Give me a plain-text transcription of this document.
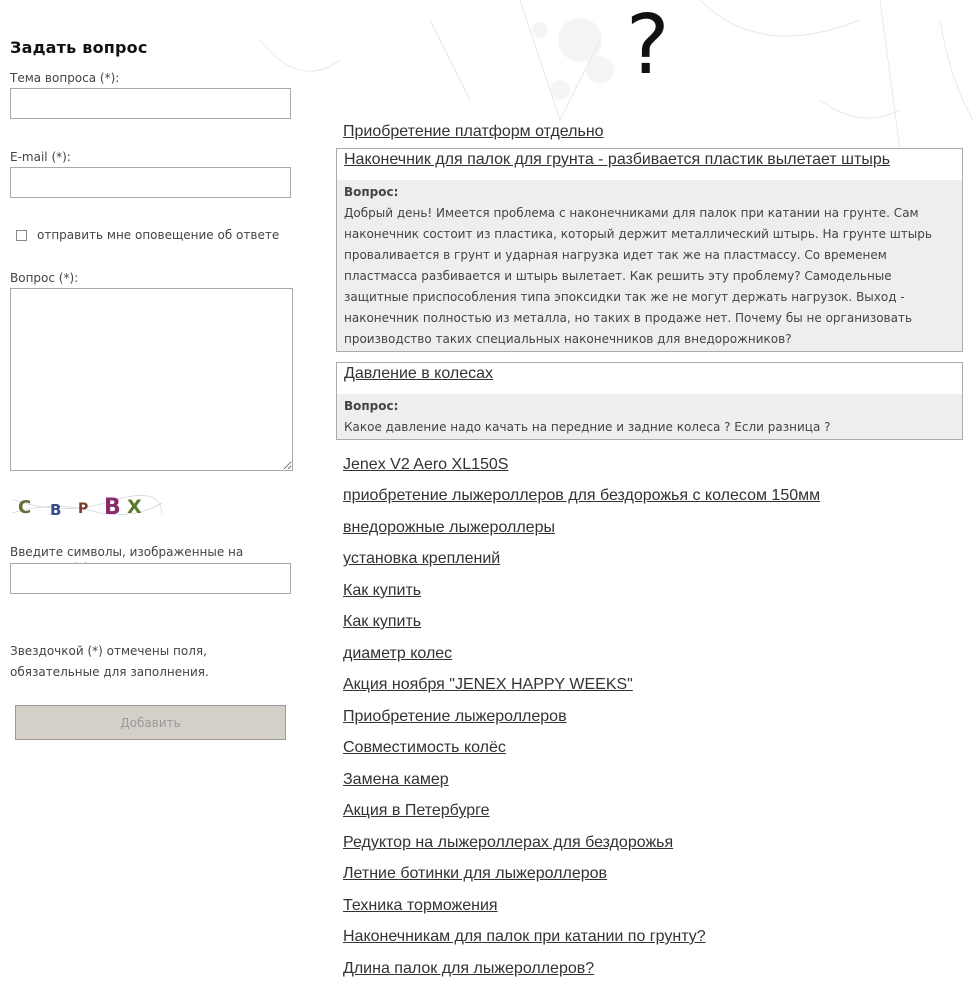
?
Задать вопрос
Тема вопроса (*):
E-mail (*):
отправить мне оповещение об ответе
Вопрос (*):
C B P B X
Введите символы, изображенные на
Звездочкой (*) отмечены поля, обязательные для заполнения.
Добавить
Приобретение платформ отдельно
Наконечник для палок для грунта - разбивается пластик вылетает штырь
Вопрос:
Добрый день! Имеется проблема с наконечниками для палок при катании на грунте. Сам наконечник состоит из пластика, который держит металлический штырь. На грунте штырь проваливается в грунт и ударная нагрузка идет так же на пластмассу. Со временем пластмасса разбивается и штырь вылетает. Как решить эту проблему? Самодельные защитные приспособления типа эпоксидки так же не могут держать нагрузок. Выход - наконечник полностью из металла, но таких в продаже нет. Почему бы не организовать производство таких специальных наконечников для внедорожников?
Давление в колесах
Вопрос:
Какое давление надо качать на передние и задние колеса ? Если разница ?
Jenex V2 Aero XL150S
приобретение лыжероллеров для бездорожья с колесом 150мм
внедорожные лыжероллеры
установка креплений
Как купить
Как купить
диаметр колес
Акция ноября "JENEX HAPPY WEEKS"
Приобретение лыжероллеров
Совместимость колёс
Замена камер
Акция в Петербурге
Редуктор на лыжероллерах для бездорожья
Летние ботинки для лыжероллеров
Техника торможения
Наконечникам для палок при катании по грунту?
Длина палок для лыжероллеров?
